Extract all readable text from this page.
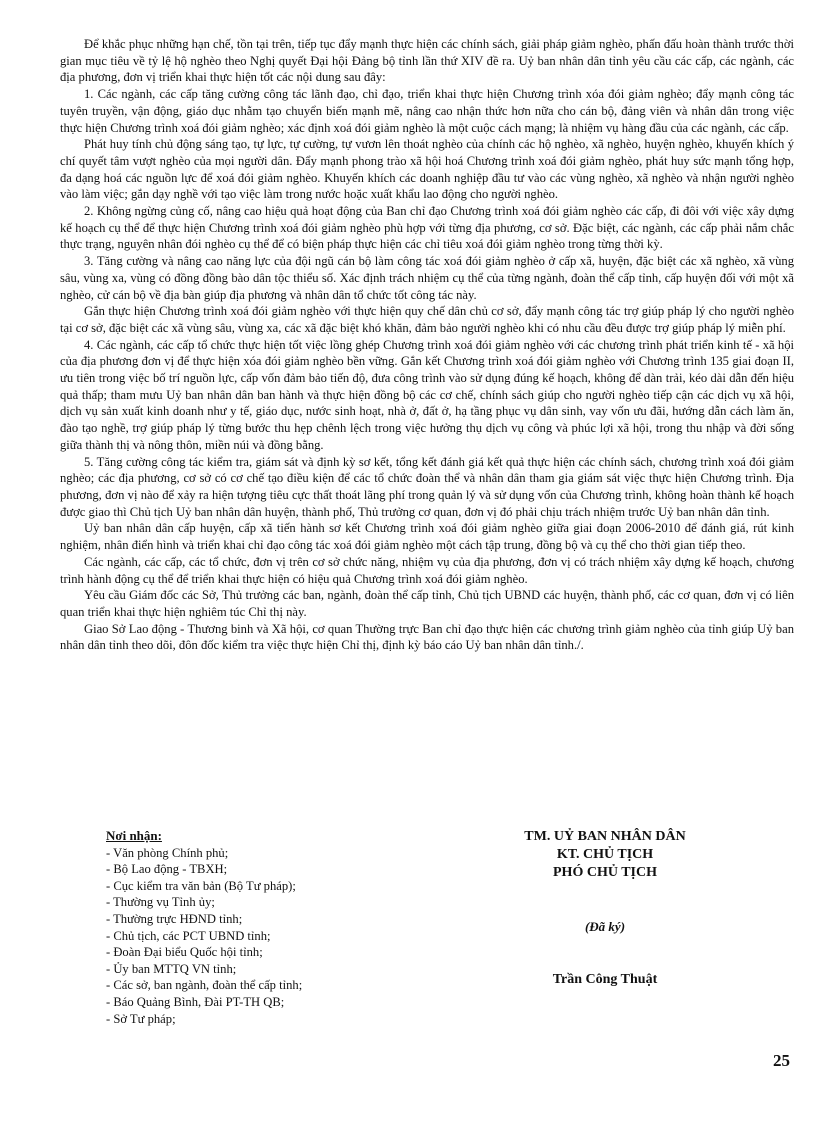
Để khắc phục những hạn chế, tồn tại trên, tiếp tục đẩy mạnh thực hiện các chính sách, giải pháp giảm nghèo, phấn đấu hoàn thành trước thời gian mục tiêu về tỷ lệ hộ nghèo theo Nghị quyết Đại hội Đảng bộ tỉnh lần thứ XIV đề ra. Uỷ ban nhân dân tỉnh yêu cầu các cấp, các ngành, các địa phương, đơn vị triển khai thực hiện tốt các nội dung sau đây:

1. Các ngành, các cấp tăng cường công tác lãnh đạo, chỉ đạo, triển khai thực hiện Chương trình xóa đói giảm nghèo; đẩy mạnh công tác tuyên truyền, vận động, giáo dục nhằm tạo chuyển biến mạnh mẽ, nâng cao nhận thức hơn nữa cho cán bộ, đảng viên và nhân dân trong việc thực hiện Chương trình xoá đói giảm nghèo; xác định xoá đói giảm nghèo là một cuộc cách mạng; là nhiệm vụ hàng đầu của các ngành, các cấp.

Phát huy tính chủ động sáng tạo, tự lực, tự cường, tự vươn lên thoát nghèo của chính các hộ nghèo, xã nghèo, huyện nghèo, khuyến khích ý chí quyết tâm vượt nghèo của mọi người dân. Đẩy mạnh phong trào xã hội hoá Chương trình xoá đói giảm nghèo, phát huy sức mạnh tổng hợp, đa dạng hoá các nguồn lực để xoá đói giảm nghèo. Khuyến khích các doanh nghiệp đầu tư vào các vùng nghèo, xã nghèo và nhận người nghèo vào làm việc; gắn dạy nghề với tạo việc làm trong nước hoặc xuất khẩu lao động cho người nghèo.

2. Không ngừng củng cố, nâng cao hiệu quả hoạt động của Ban chỉ đạo Chương trình xoá đói giảm nghèo các cấp, đi đôi với việc xây dựng kế hoạch cụ thể để thực hiện Chương trình xoá đói giảm nghèo phù hợp với từng địa phương, cơ sở. Đặc biệt, các ngành, các cấp phải nắm chắc thực trạng, nguyên nhân đói nghèo cụ thể để có biện pháp thực hiện các chỉ tiêu xoá đói giảm nghèo trong từng thời kỳ.

3. Tăng cường và nâng cao năng lực của đội ngũ cán bộ làm công tác xoá đói giảm nghèo ở cấp xã, huyện, đặc biệt các xã nghèo, xã vùng sâu, vùng xa, vùng có đồng đồng bào dân tộc thiểu số. Xác định trách nhiệm cụ thể của từng ngành, đoàn thể cấp tỉnh, cấp huyện đối với một xã nghèo, cử cán bộ về địa bàn giúp địa phương và nhân dân tổ chức tốt công tác này.

Gắn thực hiện Chương trình xoá đói giảm nghèo với thực hiện quy chế dân chủ cơ sở, đẩy mạnh công tác trợ giúp pháp lý cho người nghèo tại cơ sở, đặc biệt các xã vùng sâu, vùng xa, các xã đặc biệt khó khăn, đảm bảo người nghèo khi có nhu cầu đều được trợ giúp pháp lý miễn phí.

4. Các ngành, các cấp tổ chức thực hiện tốt việc lồng ghép Chương trình xoá đói giảm nghèo với các chương trình phát triển kinh tế - xã hội của địa phương đơn vị để thực hiện xóa đói giảm nghèo bền vững. Gắn kết Chương trình xoá đói giảm nghèo với Chương trình 135 giai đoạn II, ưu tiên trong việc bố trí nguồn lực, cấp vốn đảm bảo tiến độ, đưa công trình vào sử dụng đúng kế hoạch, không để dàn trải, kéo dài dẫn đến hiệu quả thấp; tham mưu Uỷ ban nhân dân ban hành và thực hiện đồng bộ các cơ chế, chính sách giúp cho người nghèo tiếp cận các dịch vụ xã hội, dịch vụ sản xuất kinh doanh như y tế, giáo dục, nước sinh hoạt, nhà ở, đất ở, hạ tầng phục vụ dân sinh, vay vốn ưu đãi, hướng dẫn cách làm ăn, đào tạo nghề, trợ giúp pháp lý từng bước thu hẹp chênh lệch trong việc hưởng thụ dịch vụ công và phúc lợi xã hội, trong thu nhập và đời sống giữa thành thị và nông thôn, miền núi và đồng bằng.

5. Tăng cường công tác kiểm tra, giám sát và định kỳ sơ kết, tổng kết đánh giá kết quả thực hiện các chính sách, chương trình xoá đói giảm nghèo; các địa phương, cơ sở có cơ chế tạo điều kiện để các tổ chức đoàn thể và nhân dân tham gia giám sát việc thực hiện Chương trình. Địa phương, đơn vị nào để xảy ra hiện tượng tiêu cực thất thoát lãng phí trong quản lý và sử dụng vốn của Chương trình, không hoàn thành kế hoạch được giao thì Chủ tịch Uỷ ban nhân dân huyện, thành phố, Thủ trưởng cơ quan, đơn vị đó phải chịu trách nhiệm trước Uỷ ban nhân dân tỉnh.

Uỷ ban nhân dân cấp huyện, cấp xã tiến hành sơ kết Chương trình xoá đói giảm nghèo giữa giai đoạn 2006-2010 để đánh giá, rút kinh nghiệm, nhân điển hình và triển khai chỉ đạo công tác xoá đói giảm nghèo một cách tập trung, đồng bộ và cụ thể cho thời gian tiếp theo.

Các ngành, các cấp, các tổ chức, đơn vị trên cơ sở chức năng, nhiệm vụ của địa phương, đơn vị có trách nhiệm xây dựng kế hoạch, chương trình hành động cụ thể để triển khai thực hiện có hiệu quả Chương trình xoá đói giảm nghèo.

Yêu cầu Giám đốc các Sở, Thủ trưởng các ban, ngành, đoàn thể cấp tỉnh, Chủ tịch UBND các huyện, thành phố, các cơ quan, đơn vị có liên quan triển khai thực hiện nghiêm túc Chỉ thị này.

Giao Sở Lao động - Thương binh và Xã hội, cơ quan Thường trực Ban chỉ đạo thực hiện các chương trình giảm nghèo của tỉnh giúp Uỷ ban nhân dân tỉnh theo dõi, đôn đốc kiểm tra việc thực hiện Chỉ thị, định kỳ báo cáo Uỷ ban nhân dân tỉnh./.

Nơi nhận:
- Văn phòng Chính phủ;
- Bộ Lao động - TBXH;
- Cục kiểm tra văn bản (Bộ Tư pháp);
- Thường vụ Tỉnh ủy;
- Thường trực HĐND tỉnh;
- Chủ tịch, các PCT UBND tỉnh;
- Đoàn Đại biểu Quốc hội tỉnh;
- Ủy ban MTTQ VN tỉnh;
- Các sở, ban ngành, đoàn thể cấp tỉnh;
- Báo Quảng Bình, Đài PT-TH QB;
- Sở Tư pháp;
TM. UỶ BAN NHÂN DÂN
KT. CHỦ TỊCH
PHÓ CHỦ TỊCH
(Đã ký)
Trần Công Thuật
25
